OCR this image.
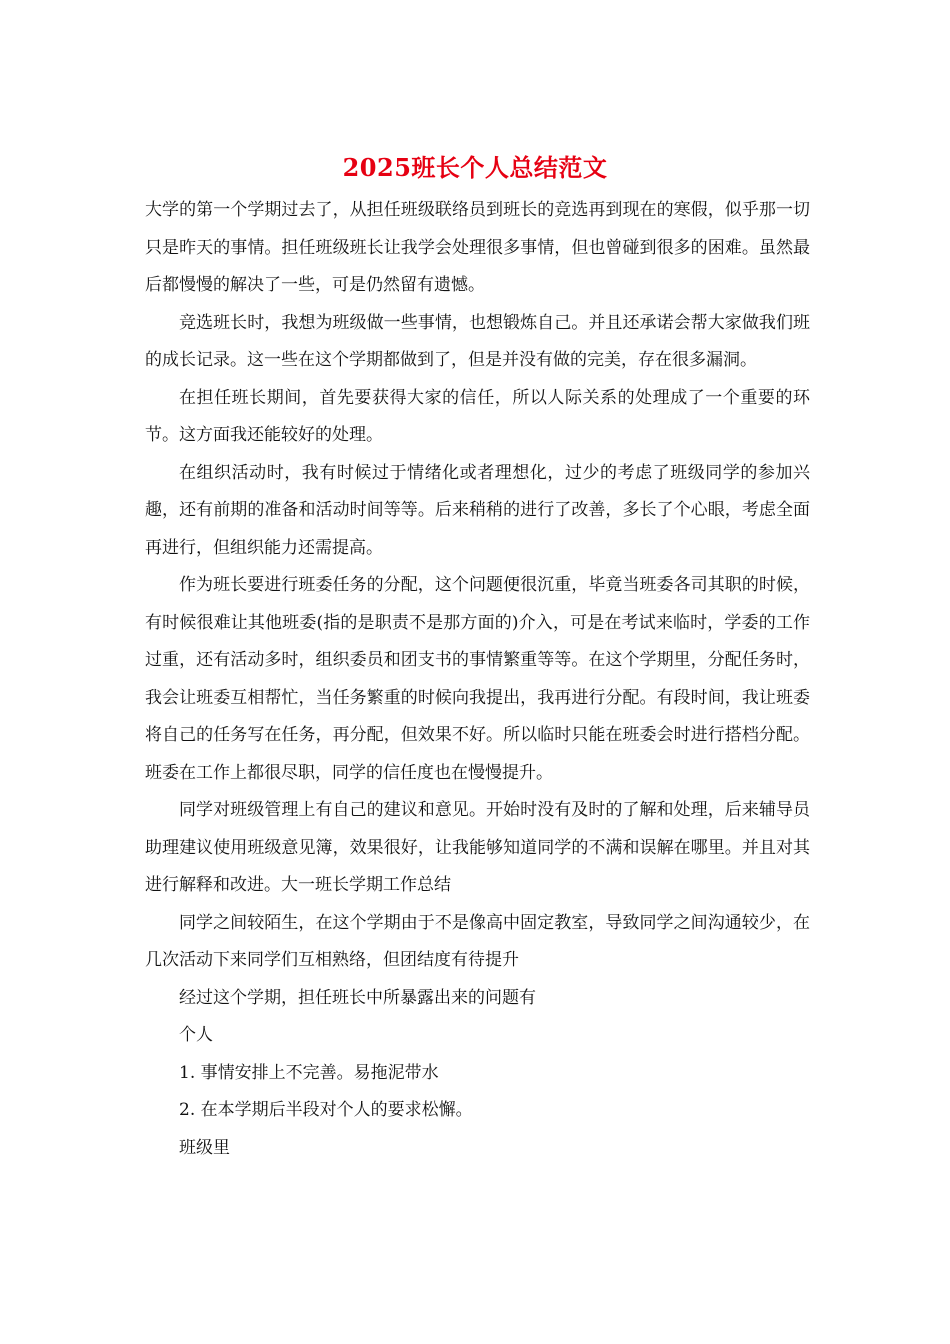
2025班长个人总结范文

大学的第一个学期过去了，从担任班级联络员到班长的竞选再到现在的寒假，似乎那一切只是昨天的事情。担任班级班长让我学会处理很多事情，但也曾碰到很多的困难。虽然最后都慢慢的解决了一些，可是仍然留有遗憾。

竞选班长时，我想为班级做一些事情，也想锻炼自己。并且还承诺会帮大家做我们班的成长记录。这一些在这个学期都做到了，但是并没有做的完美，存在很多漏洞。

在担任班长期间，首先要获得大家的信任，所以人际关系的处理成了一个重要的环节。这方面我还能较好的处理。

在组织活动时，我有时候过于情绪化或者理想化，过少的考虑了班级同学的参加兴趣，还有前期的准备和活动时间等等。后来稍稍的进行了改善，多长了个心眼，考虑全面再进行，但组织能力还需提高。

作为班长要进行班委任务的分配，这个问题便很沉重，毕竟当班委各司其职的时候，有时候很难让其他班委(指的是职责不是那方面的)介入，可是在考试来临时，学委的工作过重，还有活动多时，组织委员和团支书的事情繁重等等。在这个学期里，分配任务时，我会让班委互相帮忙，当任务繁重的时候向我提出，我再进行分配。有段时间，我让班委将自己的任务写在任务，再分配，但效果不好。所以临时只能在班委会时进行搭档分配。班委在工作上都很尽职，同学的信任度也在慢慢提升。

同学对班级管理上有自己的建议和意见。开始时没有及时的了解和处理，后来辅导员助理建议使用班级意见簿，效果很好，让我能够知道同学的不满和误解在哪里。并且对其进行解释和改进。大一班长学期工作总结

同学之间较陌生，在这个学期由于不是像高中固定教室，导致同学之间沟通较少，在几次活动下来同学们互相熟络，但团结度有待提升

经过这个学期，担任班长中所暴露出来的问题有

个人

1. 事情安排上不完善。易拖泥带水

2. 在本学期后半段对个人的要求松懈。

班级里
